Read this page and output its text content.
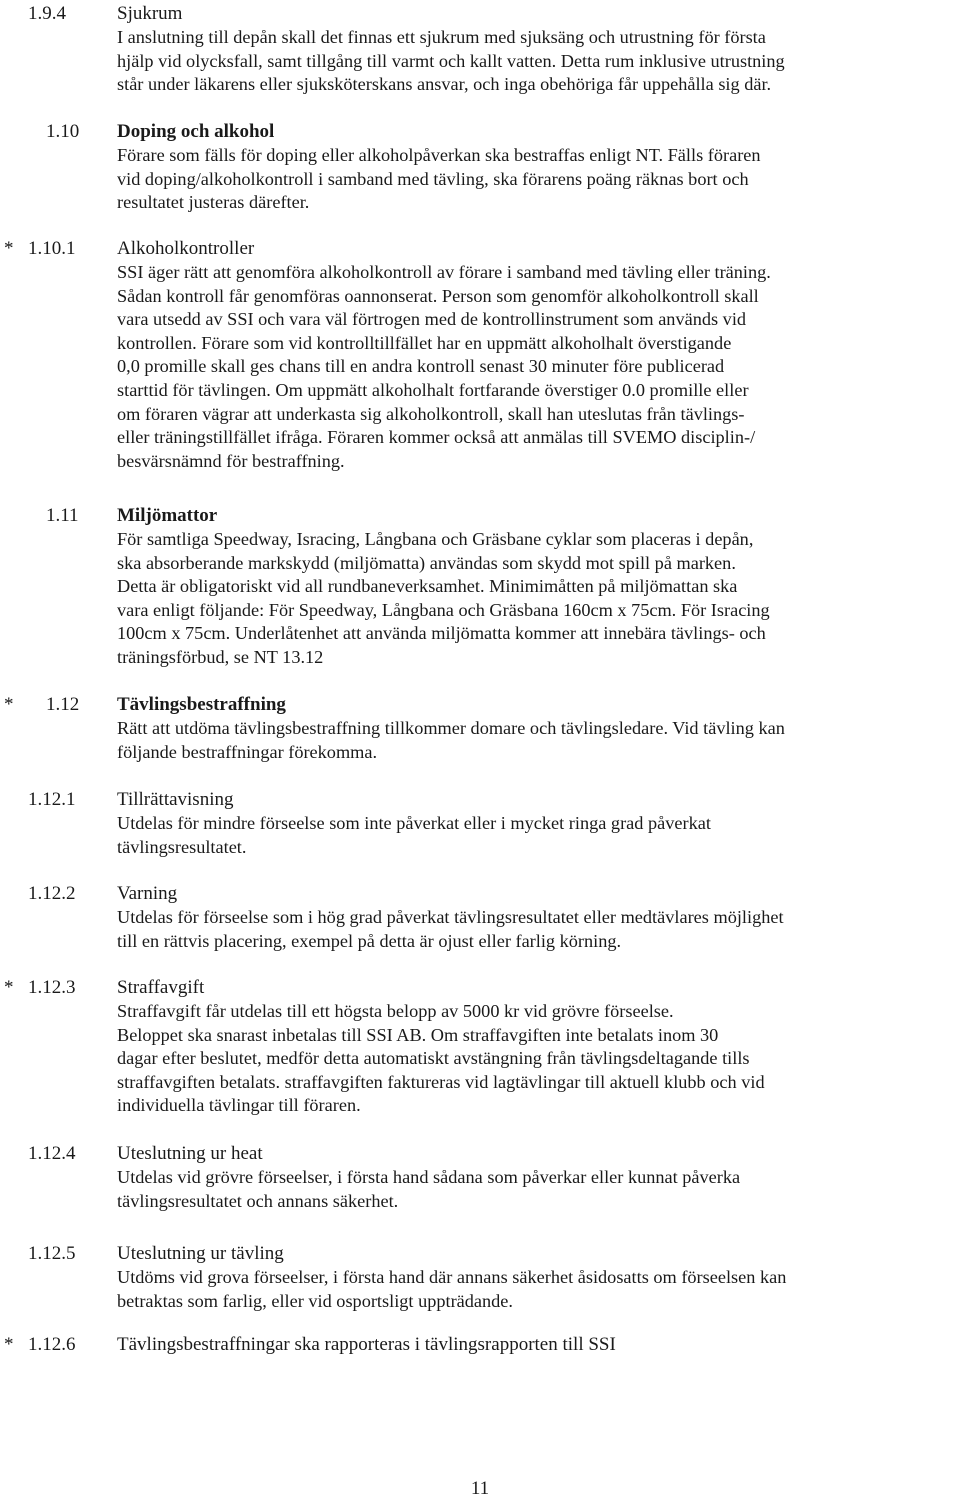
1.9.4	Sjukrum
I anslutning till depån skall det finnas ett sjukrum med sjuksäng och utrustning för första
hjälp vid olycksfall, samt tillgång till varmt och kallt vatten. Detta rum inklusive utrustning
står under läkarens eller sjuksköterskans ansvar, och inga obehöriga får uppehålla sig där.
1.10 Doping och alkohol
Förare som fälls för doping eller alkoholpåverkan ska bestraffas enligt NT. Fälls föraren
vid doping/alkoholkontroll i samband med tävling, ska förarens poäng räknas bort och
resultatet justeras därefter.
* 1.10.1 Alkoholkontroller
SSI äger rätt att genomföra alkoholkontroll av förare i samband med tävling eller träning.
Sådan kontroll får genomföras oannonserat. Person som genomför alkoholkontroll skall
vara utsedd av SSI och vara väl förtrogen med de kontrollinstrument som används vid
kontrollen. Förare som vid kontrolltillfället har en uppmätt alkoholhalt överstigande
0,0 promille skall ges chans till en andra kontroll senast 30 minuter före publicerad
starttid för tävlingen. Om uppmätt alkoholhalt fortfarande överstiger 0.0 promille eller
om föraren vägrar att underkasta sig alkoholkontroll, skall han uteslutas från tävlings-
eller träningstillfället ifråga. Föraren kommer också att anmälas till SVEMO disciplin-/
besvärsnämnd för bestraffning.
1.11 Miljömattor
För samtliga Speedway, Isracing, Långbana och Gräsbane cyklar som placeras i depån,
ska absorberande markskydd (miljömatta) användas som skydd mot spill på marken.
Detta är obligatoriskt vid all rundbaneverksamhet. Minimimåtten på miljömattan ska
vara enligt följande: För Speedway, Långbana och Gräsbana 160cm x 75cm. För Isracing
100cm x 75cm. Underlåtenhet att använda miljömatta kommer att innebära tävlings- och
träningsförbud, se NT 13.12
* 1.12 Tävlingsbestraffning
Rätt att utdöma tävlingsbestraffning tillkommer domare och tävlingsledare. Vid tävling kan
följande bestraffningar förekomma.
1.12.1 Tillrättavisning
Utdelas för mindre förseelse som inte påverkat eller i mycket ringa grad påverkat
tävlingsresultatet.
1.12.2 Varning
Utdelas för förseelse som i hög grad påverkat tävlingsresultatet eller medtävlares möjlighet
till en rättvis placering, exempel på detta är ojust eller farlig körning.
* 1.12.3 Straffavgift
Straffavgift får utdelas till ett högsta belopp av 5000 kr vid grövre förseelse.
Beloppet ska snarast inbetalas till SSI AB. Om straffavgiften inte betalats inom 30
dagar efter beslutet, medför detta automatiskt avstängning från tävlingsdeltagande tills
straffavgiften betalats. straffavgiften faktureras vid lagtävlingar till aktuell klubb och vid
individuella tävlingar till föraren.
1.12.4 Uteslutning ur heat
Utdelas vid grövre förseelser, i första hand sådana som påverkar eller kunnat påverka
tävlingsresultatet och annans säkerhet.
1.12.5 Uteslutning ur tävling
Utdöms vid grova förseelser, i första hand där annans säkerhet åsidosatts om förseelsen kan
betraktas som farlig, eller vid osportsligt uppträdande.
* 1.12.6 Tävlingsbestraffningar ska rapporteras i tävlingsrapporten till SSI
11
